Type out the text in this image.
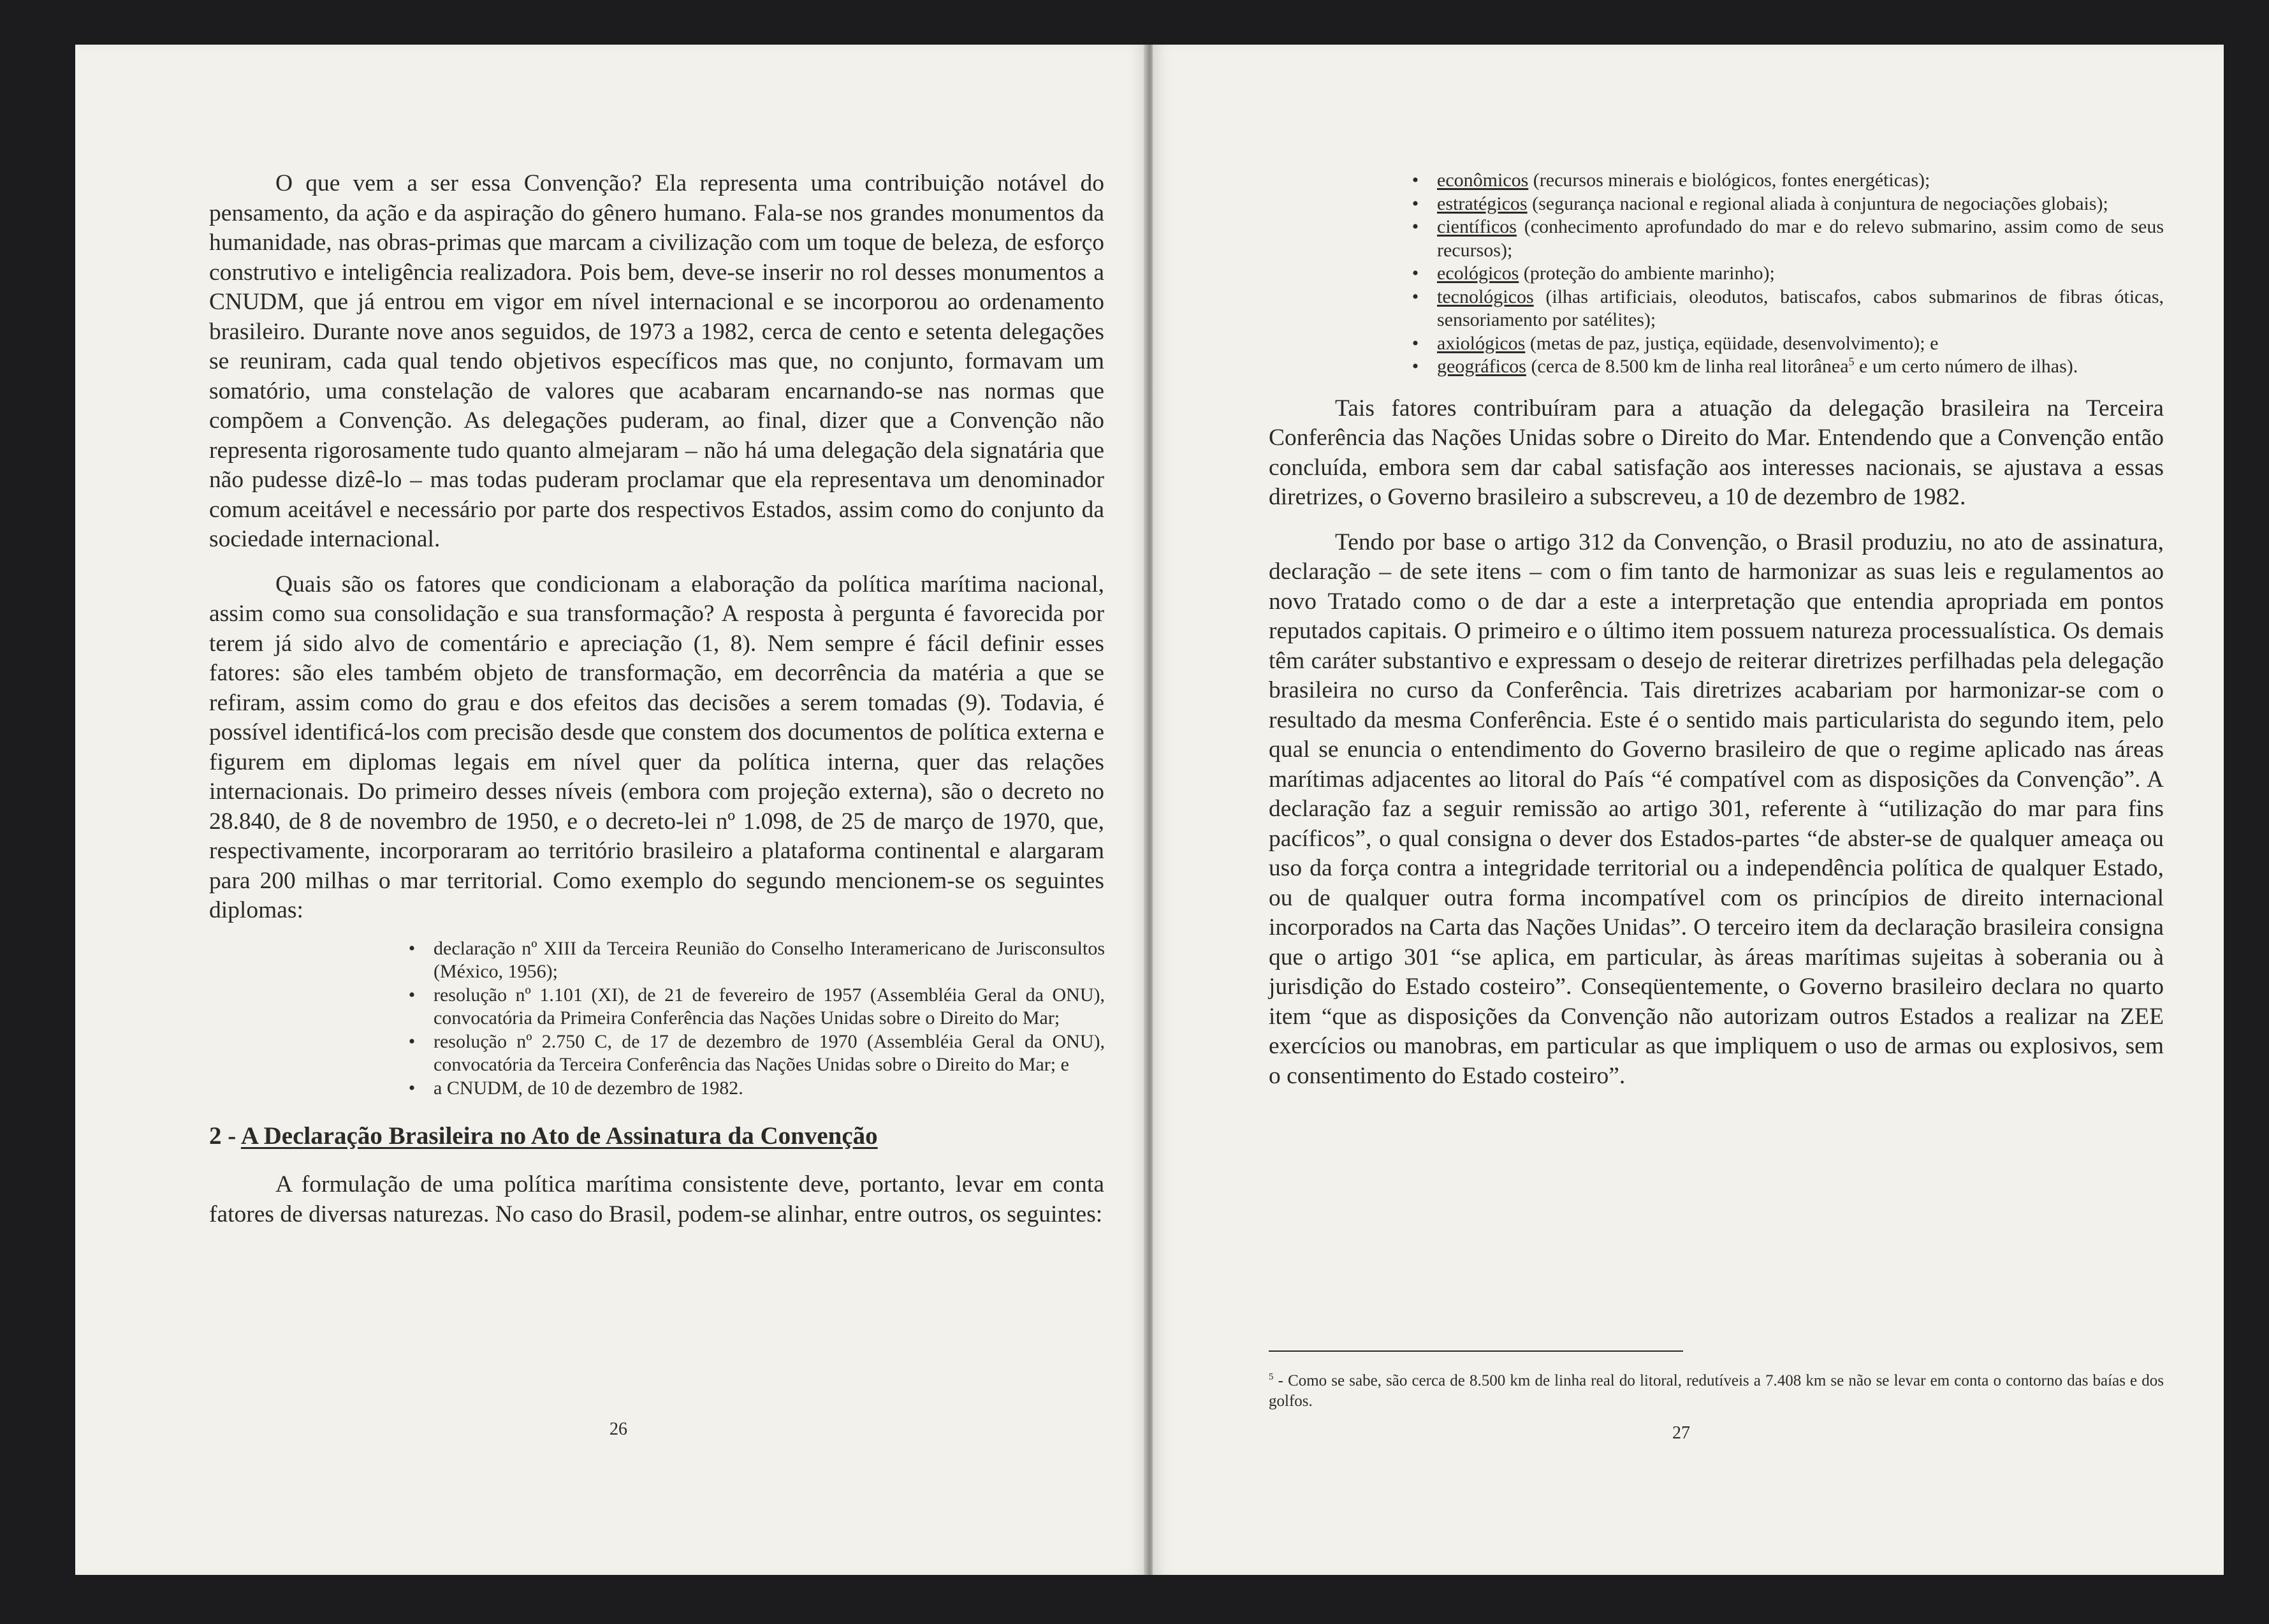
O que vem a ser essa Convenção? Ela representa uma contribuição notável do pensamento, da ação e da aspiração do gênero humano. Fala-se nos grandes monumentos da humanidade, nas obras-primas que marcam a civilização com um toque de beleza, de esforço construtivo e inteligência realizadora. Pois bem, deve-se inserir no rol desses monumentos a CNUDM, que já entrou em vigor em nível internacional e se incorporou ao ordenamento brasileiro. Durante nove anos seguidos, de 1973 a 1982, cerca de cento e setenta delegações se reuniram, cada qual tendo objetivos específicos mas que, no conjunto, formavam um somatório, uma constelação de valores que acabaram encarnando-se nas normas que compõem a Convenção. As delegações puderam, ao final, dizer que a Convenção não representa rigorosamente tudo quanto almejaram – não há uma delegação dela signatária que não pudesse dizê-lo – mas todas puderam proclamar que ela representava um denominador comum aceitável e necessário por parte dos respectivos Estados, assim como do conjunto da sociedade internacional.

Quais são os fatores que condicionam a elaboração da política marítima nacional, assim como sua consolidação e sua transformação? A resposta à pergunta é favorecida por terem já sido alvo de comentário e apreciação (1, 8). Nem sempre é fácil definir esses fatores: são eles também objeto de transformação, em decorrência da matéria a que se refiram, assim como do grau e dos efeitos das decisões a serem tomadas (9). Todavia, é possível identificá-los com precisão desde que constem dos documentos de política externa e figurem em diplomas legais em nível quer da política interna, quer das relações internacionais. Do primeiro desses níveis (embora com projeção externa), são o decreto no 28.840, de 8 de novembro de 1950, e o decreto-lei nº 1.098, de 25 de março de 1970, que, respectivamente, incorporaram ao território brasileiro a plataforma continental e alargaram para 200 milhas o mar territorial. Como exemplo do segundo mencionem-se os seguintes diplomas:

• declaração nº XIII da Terceira Reunião do Conselho Interamericano de Jurisconsultos (México, 1956);
• resolução nº 1.101 (XI), de 21 de fevereiro de 1957 (Assembléia Geral da ONU), convocatória da Primeira Conferência das Nações Unidas sobre o Direito do Mar;
• resolução nº 2.750 C, de 17 de dezembro de 1970 (Assembléia Geral da ONU), convocatória da Terceira Conferência das Nações Unidas sobre o Direito do Mar; e
• a CNUDM, de 10 de dezembro de 1982.
2 - A Declaração Brasileira no Ato de Assinatura da Convenção

A formulação de uma política marítima consistente deve, portanto, levar em conta fatores de diversas naturezas. No caso do Brasil, podem-se alinhar, entre outros, os seguintes:

26
• econômicos (recursos minerais e biológicos, fontes energéticas);
• estratégicos (segurança nacional e regional aliada à conjuntura de negociações globais);
• científicos (conhecimento aprofundado do mar e do relevo submarino, assim como de seus recursos);
• ecológicos (proteção do ambiente marinho);
• tecnológicos (ilhas artificiais, oleodutos, batiscafos, cabos submarinos de fibras óticas, sensoriamento por satélites);
• axiológicos (metas de paz, justiça, eqüidade, desenvolvimento); e
• geográficos (cerca de 8.500 km de linha real litorânea$^5$ e um certo número de ilhas).

Tais fatores contribuíram para a atuação da delegação brasileira na Terceira Conferência das Nações Unidas sobre o Direito do Mar. Entendendo que a Convenção então concluída, embora sem dar cabal satisfação aos interesses nacionais, se ajustava a essas diretrizes, o Governo brasileiro a subscreveu, a 10 de dezembro de 1982.

Tendo por base o artigo 312 da Convenção, o Brasil produziu, no ato de assinatura, declaração – de sete itens – com o fim tanto de harmonizar as suas leis e regulamentos ao novo Tratado como o de dar a este a interpretação que entendia apropriada em pontos reputados capitais. O primeiro e o último item possuem natureza processualística. Os demais têm caráter substantivo e expressam o desejo de reiterar diretrizes perfilhadas pela delegação brasileira no curso da Conferência. Tais diretrizes acabariam por harmonizar-se com o resultado da mesma Conferência. Este é o sentido mais particularista do segundo item, pelo qual se enuncia o entendimento do Governo brasileiro de que o regime aplicado nas áreas marítimas adjacentes ao litoral do País “é compatível com as disposições da Convenção”. A declaração faz a seguir remissão ao artigo 301, referente à “utilização do mar para fins pacíficos”, o qual consigna o dever dos Estados-partes “de abster-se de qualquer ameaça ou uso da força contra a integridade territorial ou a independência política de qualquer Estado, ou de qualquer outra forma incompatível com os princípios de direito internacional incorporados na Carta das Nações Unidas”. O terceiro item da declaração brasileira consigna que o artigo 301 “se aplica, em particular, às áreas marítimas sujeitas à soberania ou à jurisdição do Estado costeiro”. Conseqüentemente, o Governo brasileiro declara no quarto item “que as disposições da Convenção não autorizam outros Estados a realizar na ZEE exercícios ou manobras, em particular as que impliquem o uso de armas ou explosivos, sem o consentimento do Estado costeiro”.

$^5$ - Como se sabe, são cerca de 8.500 km de linha real do litoral, redutíveis a 7.408 km se não se levar em conta o contorno das baías e dos golfos.
27
